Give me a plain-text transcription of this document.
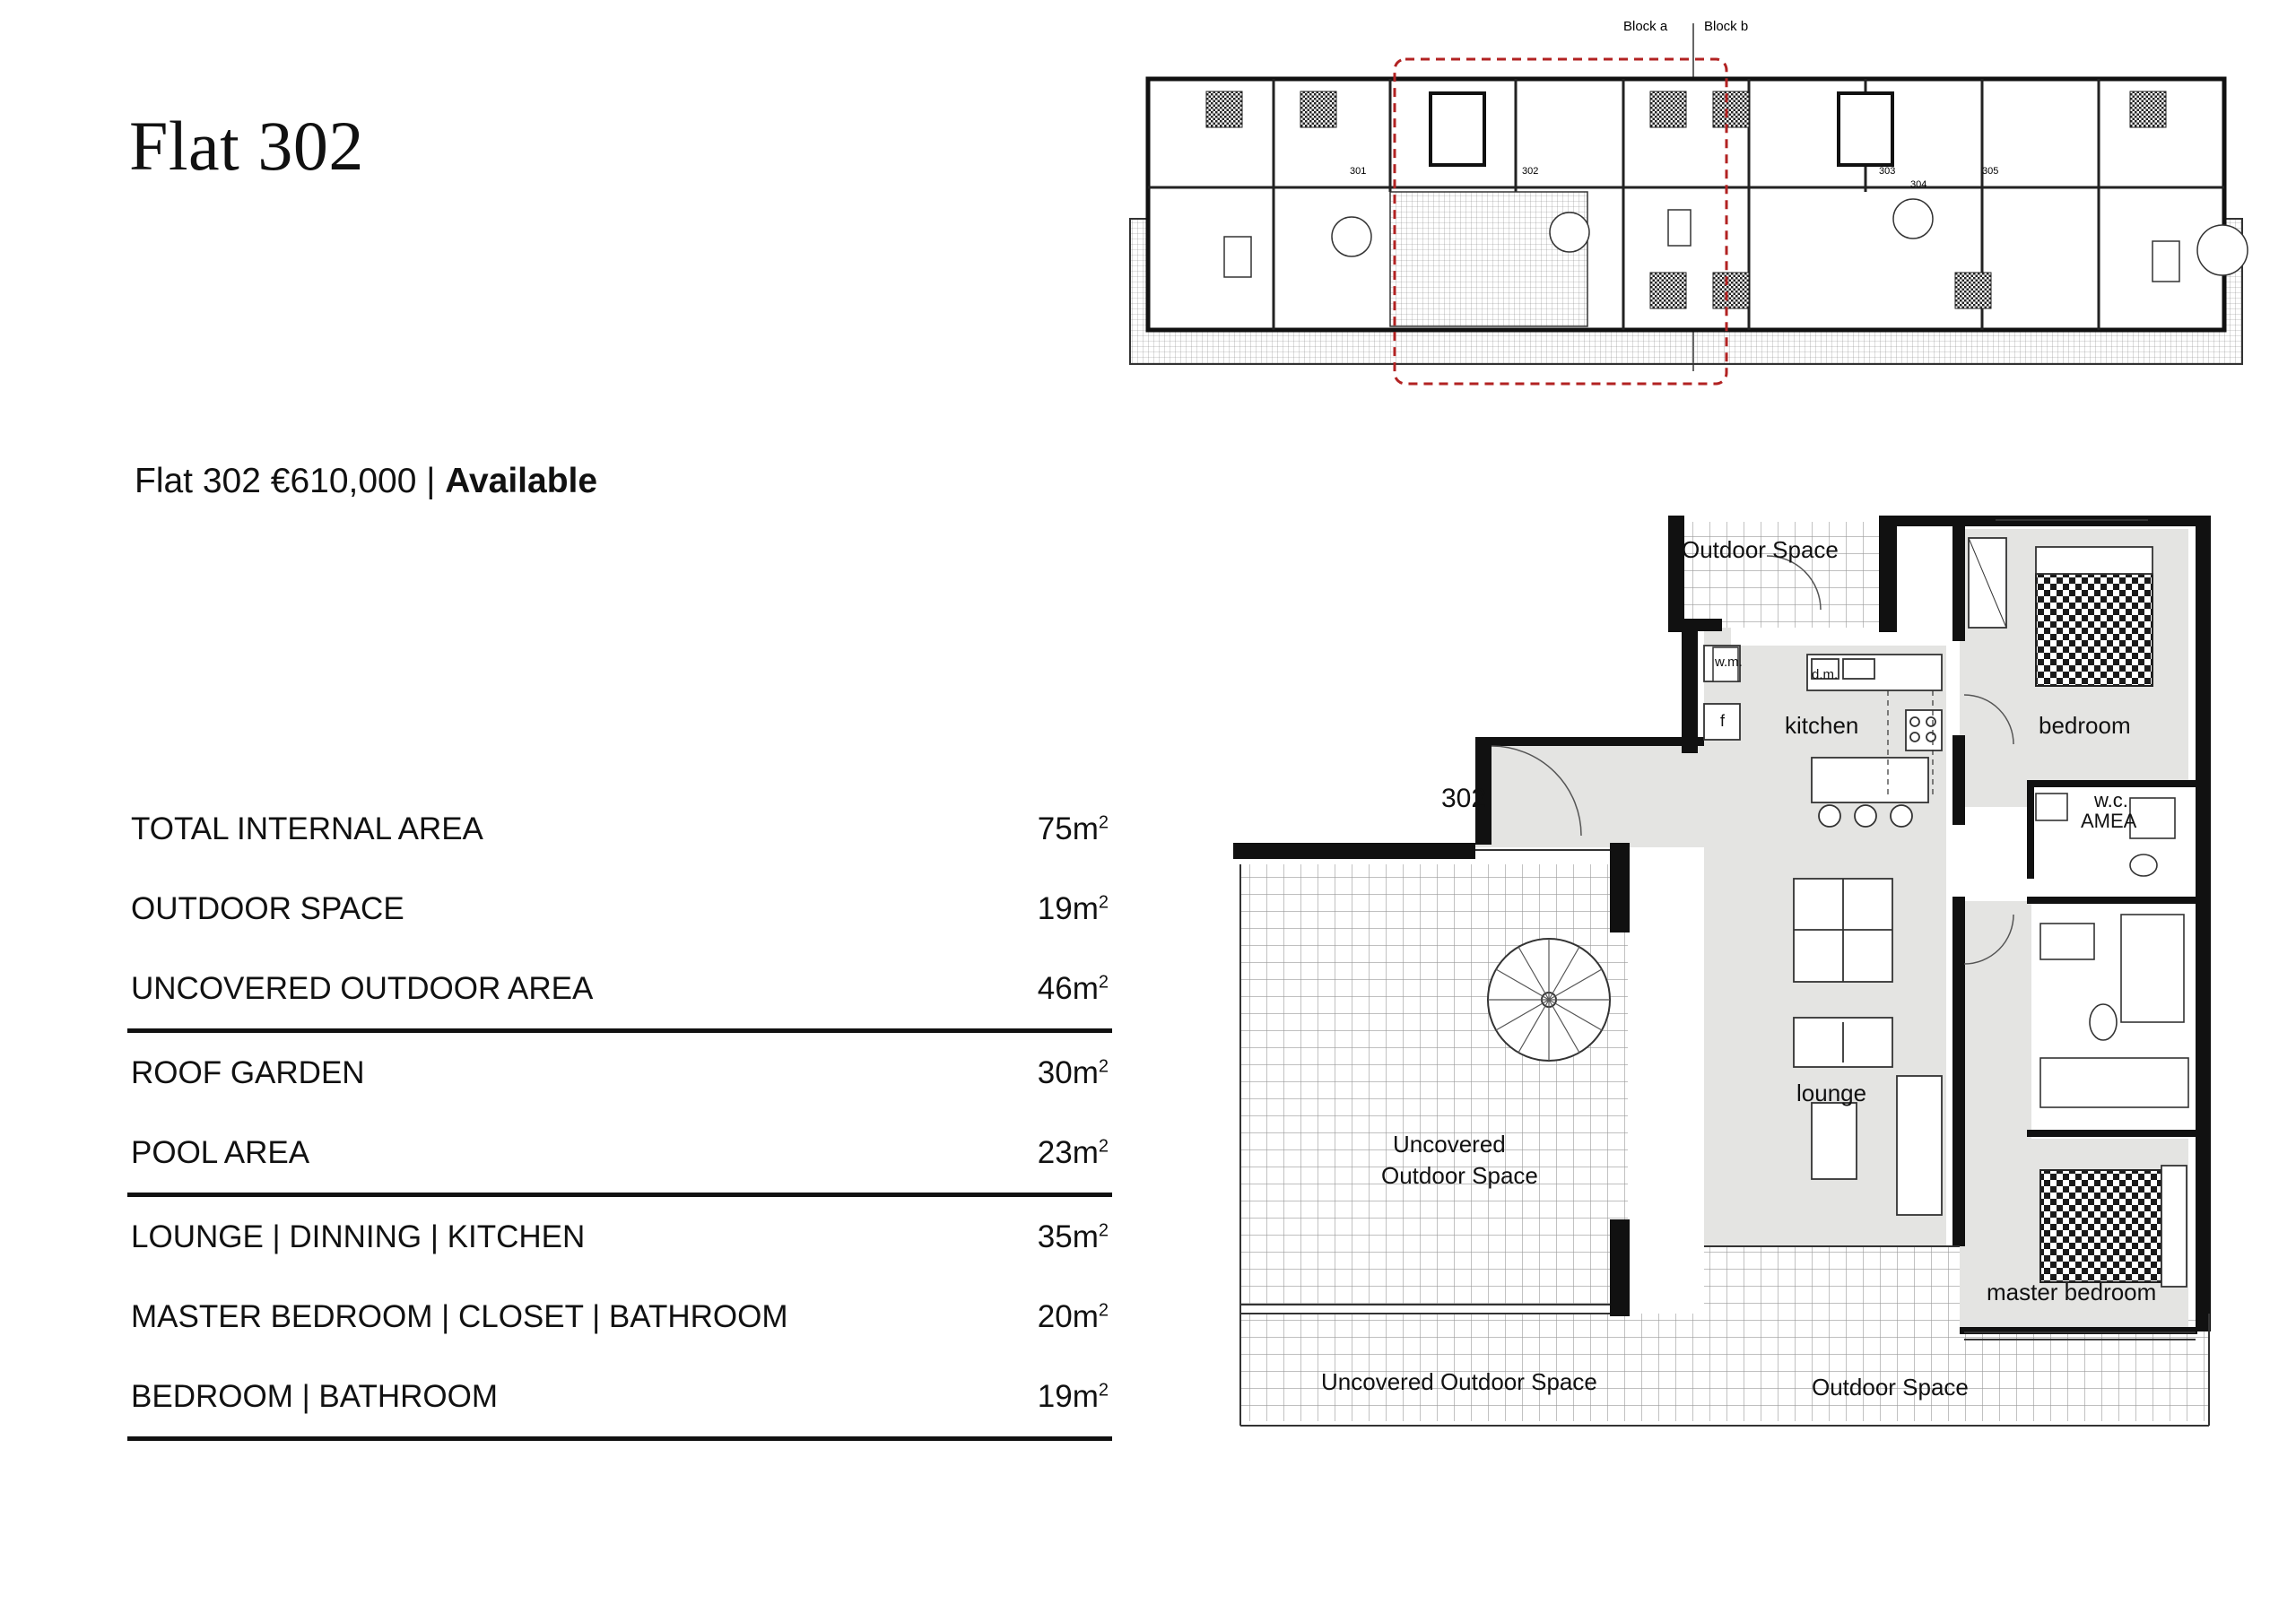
Flat 302
Flat 302 €610,000 | Available
TOTAL INTERNAL AREA	$75m^2$
OUTDOOR SPACE	$19m^2$
UNCOVERED OUTDOOR AREA	$46m^2$
ROOF GARDEN	$30m^2$
POOL AREA	$23m^2$
LOUNGE | DINNING | KITCHEN	$35m^2$
MASTER BEDROOM | CLOSET | BATHROOM	$20m^2$
BEDROOM | BATHROOM	$19m^2$
Block a	Block b
301	302	303
304
305
Outdoor Space
kitchen	bedroom
w.c.
AMEA
lounge
Uncovered
Outdoor Space
master bedroom
Uncovered Outdoor Space	Outdoor Space
w.m.
f
d.m.
302
